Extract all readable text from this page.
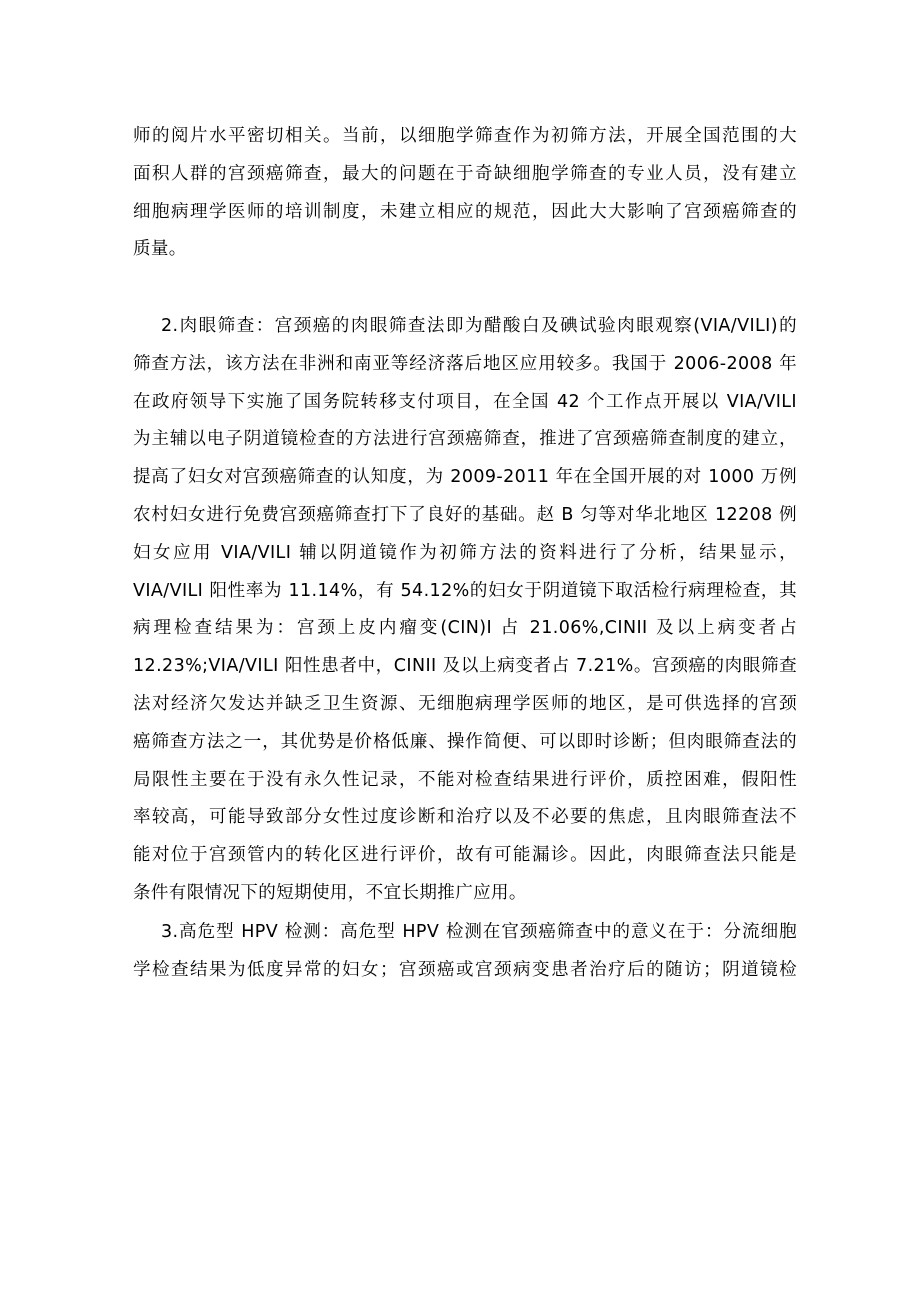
师的阅片水平密切相关。当前，以细胞学筛查作为初筛方法，开展全国范围的大
面积人群的宫颈癌筛查，最大的问题在于奇缺细胞学筛查的专业人员，没有建立
细胞病理学医师的培训制度，未建立相应的规范，因此大大影响了宫颈癌筛查的
质量。
2.肉眼筛查：宫颈癌的肉眼筛查法即为醋酸白及碘试验肉眼观察(VIA/VILI)的
筛查方法，该方法在非洲和南亚等经济落后地区应用较多。我国于 2006-2008 年
在政府领导下实施了国务院转移支付项目，在全国 42 个工作点开展以 VIA/VILI
为主辅以电子阴道镜检查的方法进行宫颈癌筛查，推进了宫颈癌筛查制度的建立，
提高了妇女对宫颈癌筛查的认知度，为 2009-2011 年在全国开展的对 1000 万例
农村妇女进行免费宫颈癌筛查打下了良好的基础。赵 B 匀等对华北地区 12208 例
妇女应用 VIA/VILI 辅以阴道镜作为初筛方法的资料进行了分析，结果显示，
VIA/VILI 阳性率为 11.14%，有 54.12%的妇女于阴道镜下取活检行病理检查，其
病理检查结果为：宫颈上皮内瘤变(CIN)I 占 21.06%,CINII 及以上病变者占
12.23%;VIA/VILI 阳性患者中，CINII 及以上病变者占 7.21%。宫颈癌的肉眼筛查
法对经济欠发达并缺乏卫生资源、无细胞病理学医师的地区，是可供选择的宫颈
癌筛查方法之一，其优势是价格低廉、操作简便、可以即时诊断；但肉眼筛查法的
局限性主要在于没有永久性记录，不能对检查结果进行评价，质控困难，假阳性
率较高，可能导致部分女性过度诊断和治疗以及不必要的焦虑，且肉眼筛查法不
能对位于宫颈管内的转化区进行评价，故有可能漏诊。因此，肉眼筛查法只能是
条件有限情况下的短期使用，不宜长期推广应用。
3.高危型 HPV 检测：高危型 HPV 检测在官颈癌筛查中的意义在于：分流细胞
学检查结果为低度异常的妇女；宫颈癌或宫颈病变患者治疗后的随访；阴道镜检
